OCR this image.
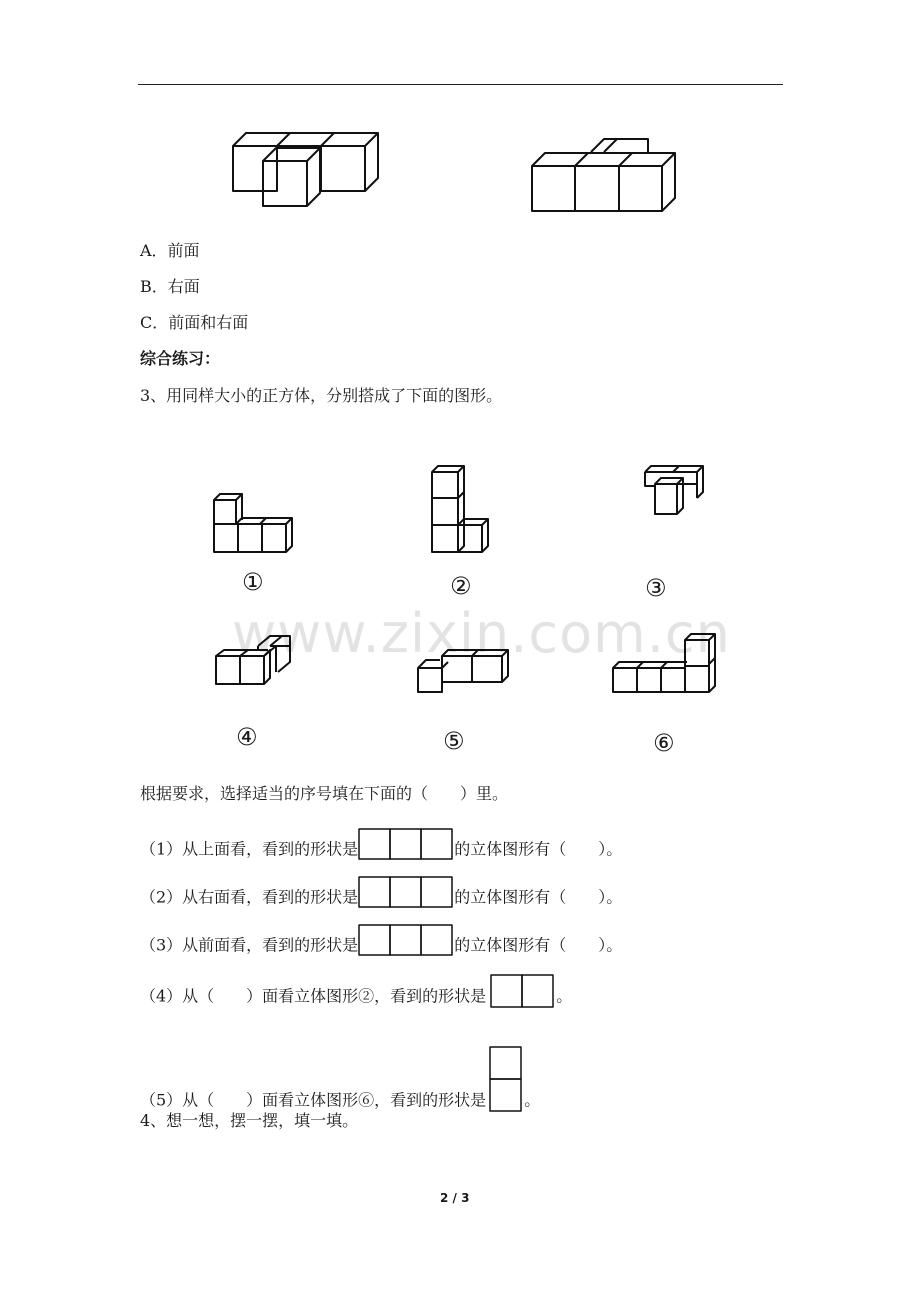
A．前面
B．右面
C．前面和右面
综合练习：
3、用同样大小的正方体，分别搭成了下面的图形。
①	②	③
④	⑤	⑥
www.zixin.com.cn
根据要求，选择适当的序号填在下面的（　　）里。
（1）从上面看，看到的形状是	的立体图形有（　　）。
（2）从右面看，看到的形状是	的立体图形有（　　）。
（3）从前面看，看到的形状是	的立体图形有（　　）。
（4）从（　　）面看立体图形②，看到的形状是	。
（5）从（　　）面看立体图形⑥，看到的形状是 。
4、想一想，摆一摆，填一填。
2 / 3
